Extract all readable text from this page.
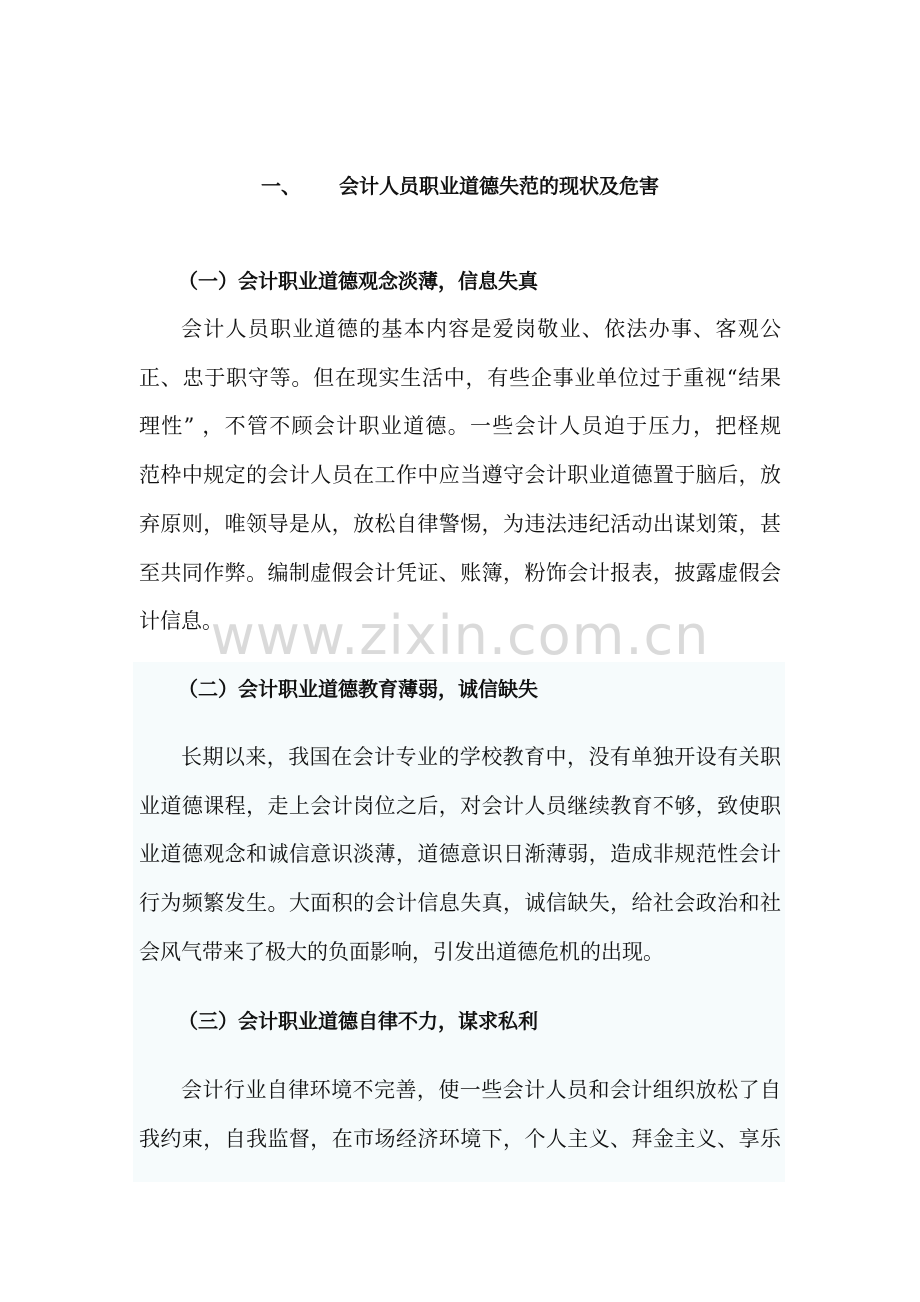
一、 会计人员职业道德失范的现状及危害
（一）会计职业道德观念淡薄，信息失真
会计人员职业道德的基本内容是爱岗敬业、依法办事、客观公
正、忠于职守等。但在现实生活中，有些企事业单位过于重视“结果
理性” ，不管不顾会计职业道德。一些会计人员迫于压力，把柽规
范枠中规定的会计人员在工作中应当遵守会计职业道德置于脑后，放
弃原则，唯领导是从，放松自律警惕，为违法违纪活动出谋划策，甚
至共同作弊。编制虚假会计凭证、账簿，粉饰会计报表，披露虚假会
计信息。
www.zixin.com.cn
（二）会计职业道德教育薄弱，诚信缺失
长期以来，我国在会计专业的学校教育中，没有单独开设有关职
业道德课程，走上会计岗位之后，对会计人员继续教育不够，致使职
业道德观念和诚信意识淡薄，道德意识日渐薄弱，造成非规范性会计
行为频繁发生。大面积的会计信息失真，诚信缺失，给社会政治和社
会风气带来了极大的负面影响，引发出道德危机的出现。
（三）会计职业道德自律不力，谋求私利
会计行业自律环境不完善，使一些会计人员和会计组织放松了自
我约束，自我监督，在市场经济环境下，个人主义、拜金主义、享乐
